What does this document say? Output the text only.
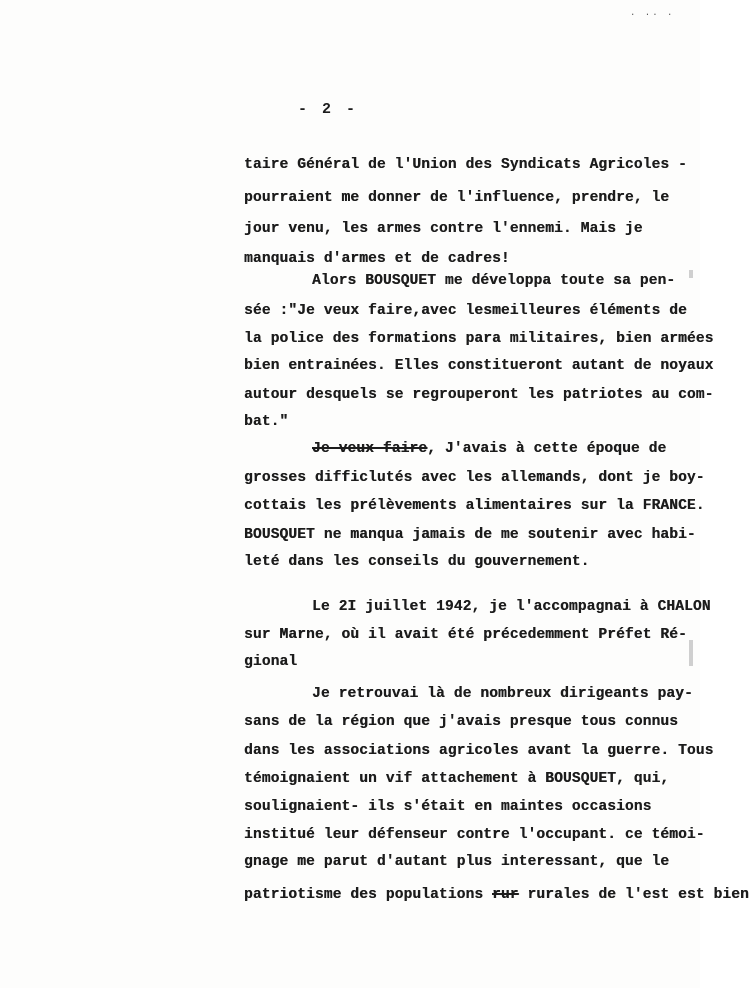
· ·· ·
- 2 -
taire Général de l'Union des Syndicats Agricoles -
pourraient me donner de l'influence, prendre, le
jour venu, les armes contre l'ennemi. Mais je
manquais d'armes et de cadres!
Alors BOUSQUET me développa toute sa pen-
sée :"Je veux faire,avec lesmeilleures éléments de
la police des formations para militaires, bien armées
bien entrainées. Elles constitueront autant de noyaux
autour desquels se regrouperont les patriotes au com-
bat."
Je veux faire, J'avais à cette époque de
grosses difficlutés avec les allemands, dont je boy-
cottais les prélèvements alimentaires sur la FRANCE.
BOUSQUET ne manqua jamais de me soutenir avec habi-
leté dans les conseils du gouvernement.
Le 2I juillet 1942, je l'accompagnai à CHALON
sur Marne, où il avait été précedemment Préfet Ré-
gional
Je retrouvai là de nombreux dirigeants pay-
sans de la région que j'avais presque tous connus
dans les associations agricoles avant la guerre. Tous
témoignaient un vif attachement à BOUSQUET, qui,
soulignaient- ils s'était en maintes occasions
institué leur défenseur contre l'occupant. ce témoi-
gnage me parut d'autant plus interessant, que le
patriotisme des populations rur rurales de l'est est bien
